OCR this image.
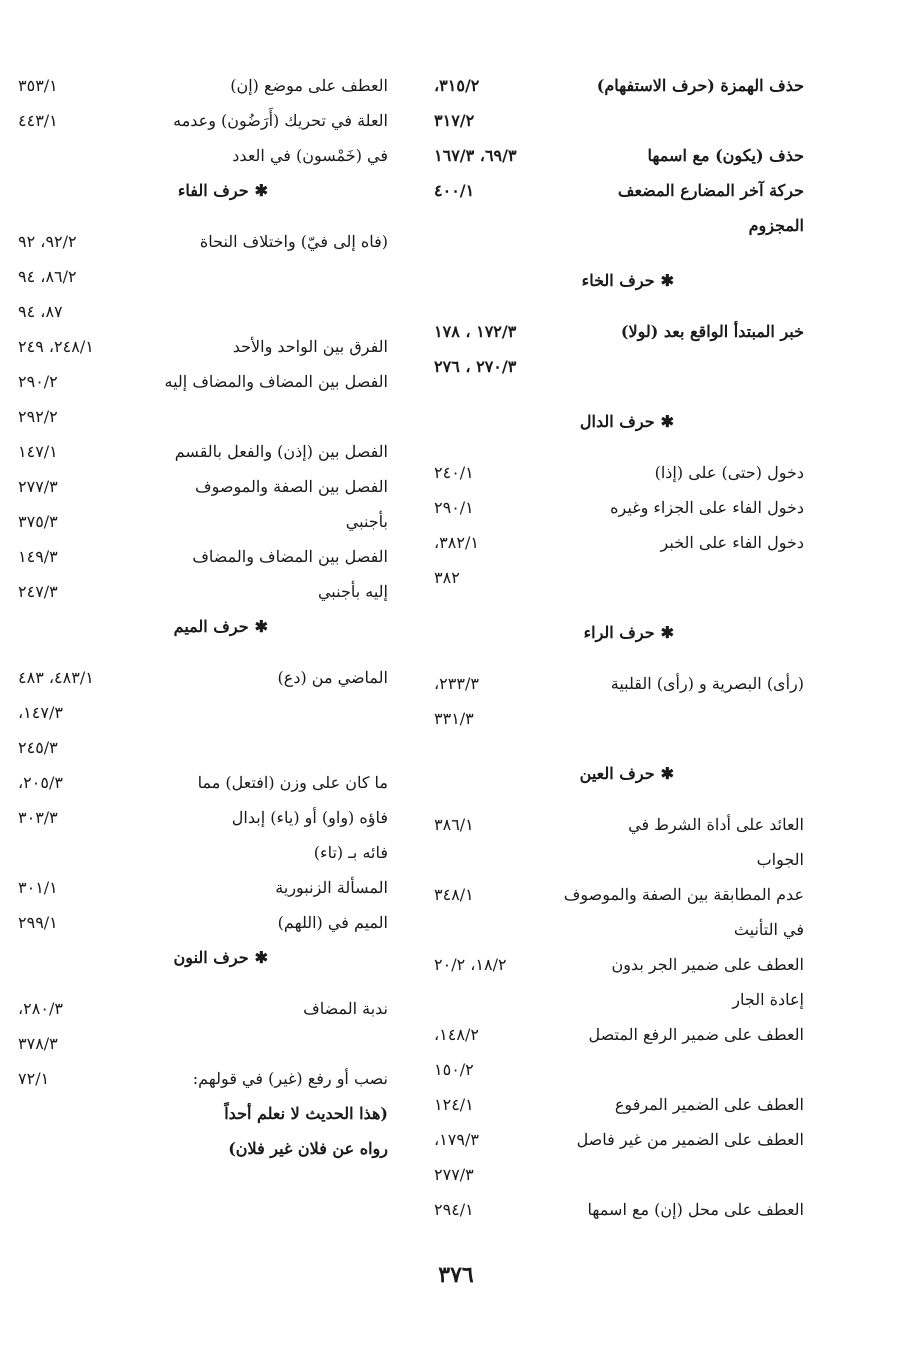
حذف الهمزة (حرف الاستفهام)
٣١٥/٢،
٣١٧/٢
حذف (يكون) مع اسمها
٦٩/٣، ١٦٧/٣
حركة آخر المضارع المضعف
٤٠٠/١
المجزوم
✱حرف الخاء
خبر المبتدأ الواقع بعد (لولا)
١٧٢/٣ ، ١٧٨
٢٧٠/٣ ، ٢٧٦
✱حرف الدال
دخول (حتى) على (إذا)
٢٤٠/١
دخول الفاء على الجزاء وغيره
٢٩٠/١
دخول الفاء على الخبر
٣٨٢/١،
٣٨٢
✱حرف الراء
(رأى) البصرية و (رأى) القلبية
٢٣٣/٣،
٣٣١/٣
✱حرف العين
العائد على أداة الشرط في
٣٨٦/١
الجواب
عدم المطابقة بين الصفة والموصوف
٣٤٨/١
في التأنيث
العطف على ضمير الجر بدون
١٨/٢، ٢٠/٢
إعادة الجار
العطف على ضمير الرفع المتصل
١٤٨/٢،
١٥٠/٢
العطف على الضمير المرفوع
١٢٤/١
العطف على الضمير من غير فاصل
١٧٩/٣،
٢٧٧/٣
العطف على محل (إن) مع اسمها
٢٩٤/١
العطف على موضع (إن)
٣٥٣/١
العلة في تحريك (أَرَضُون) وعدمه
٤٤٣/١
في (خَمْسون) في العدد
✱حرف الفاء
(فاه إلى فيّ) واختلاف النحاة
٩٢/٢، ٩٢
٨٦/٢، ٩٤
٨٧، ٩٤
الفرق بين الواحد والأحد
٢٤٨/١، ٢٤٩
الفصل بين المضاف والمضاف إليه
٢٩٠/٢
٢٩٢/٢
الفصل بين (إذن) والفعل بالقسم
١٤٧/١
الفصل بين الصفة والموصوف
٢٧٧/٣
بأجنبي
٣٧٥/٣
الفصل بين المضاف والمضاف
١٤٩/٣
إليه بأجنبي
٢٤٧/٣
✱حرف الميم
الماضي من (دع)
٤٨٣/١، ٤٨٣
١٤٧/٣،
٢٤٥/٣
ما كان على وزن (افتعل) مما
٢٠٥/٣،
فاؤه (واو) أو (ياء) إبدال
٣٠٣/٣
فائه بـ (تاء)
المسألة الزنبورية
٣٠١/١
الميم في (اللهم)
٢٩٩/١
✱حرف النون
ندبة المضاف
٢٨٠/٣،
٣٧٨/٣
نصب أو رفع (غير) في قولهم:
٧٢/١
(هذا الحديث لا نعلم أحداً
رواه عن فلان غير فلان)
٣٧٦
